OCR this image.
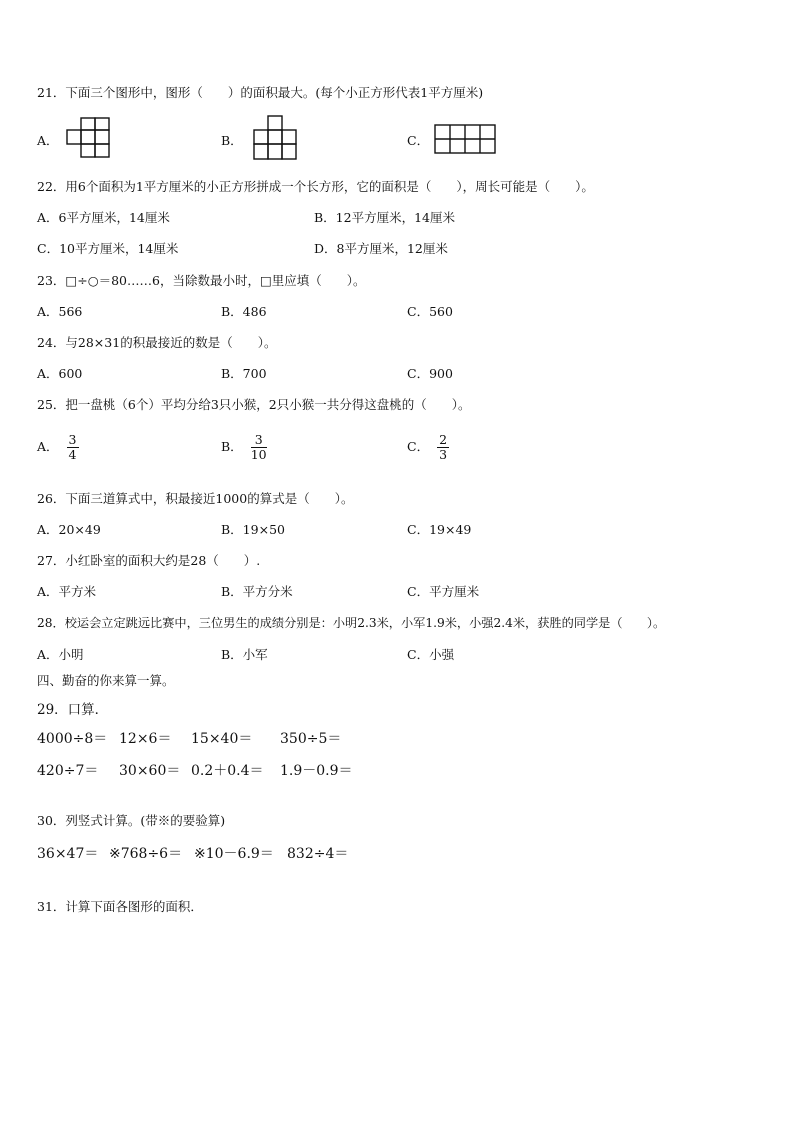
21．下面三个图形中，图形（　　）的面积最大。(每个小正方形代表1平方厘米)
A．	B．	C．
22．用6个面积为1平方厘米的小正方形拼成一个长方形，它的面积是（　　），周长可能是（　　）。
A．6平方厘米，14厘米	B．12平方厘米，14厘米
C．10平方厘米，14厘米	D．8平方厘米，12厘米
23．□÷○＝80……6，当除数最小时，□里应填（　　）。
A．566	B．486	C．560
24．与28×31的积最接近的数是（　　）。
A．600	B．700	C．900
25．把一盘桃（6个）平均分给3只小猴，2只小猴一共分得这盘桃的（　　）。
A． $\frac{3}{4}$	B． $\frac{3}{10}$	C． $\frac{2}{3}$
26．下面三道算式中，积最接近1000的算式是（　　）。
A．20×49	B．19×50	C．19×49
27．小红卧室的面积大约是28（　　）.
A．平方米	B．平方分米	C．平方厘米
28．校运会立定跳远比赛中，三位男生的成绩分别是：小明2.3米，小军1.9米，小强2.4米，获胜的同学是（　　）。
A．小明	B．小军	C．小强
四、勤奋的你来算一算。
29．口算．
4000÷8＝ 12×6＝ 15×40＝ 350÷5＝
420÷7＝ 30×60＝ 0.2＋0.4＝ 1.9－0.9＝
30．列竖式计算。(带※的要验算)
36×47＝ ※768÷6＝ ※10－6.9＝ 832÷4＝
31．计算下面各图形的面积．
